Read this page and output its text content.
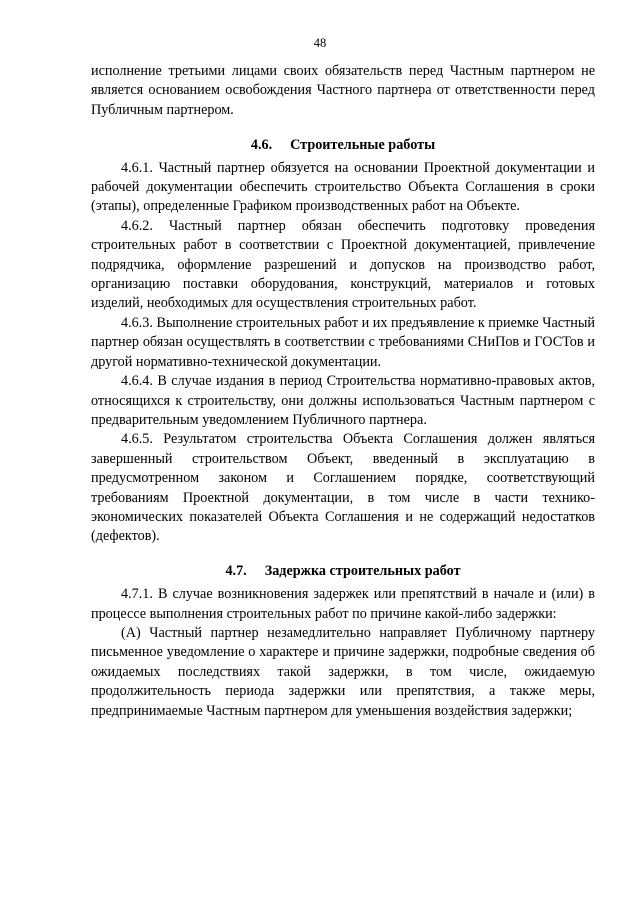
48

исполнение третьими лицами своих обязательств перед Частным партнером не является основанием освобождения Частного партнера от ответственности перед Публичным партнером.

4.6. Строительные работы

4.6.1. Частный партнер обязуется на основании Проектной документации и рабочей документации обеспечить строительство Объекта Соглашения в сроки (этапы), определенные Графиком производственных работ на Объекте.

4.6.2. Частный партнер обязан обеспечить подготовку проведения строительных работ в соответствии с Проектной документацией, привлечение подрядчика, оформление разрешений и допусков на производство работ, организацию поставки оборудования, конструкций, материалов и готовых изделий, необходимых для осуществления строительных работ.

4.6.3. Выполнение строительных работ и их предъявление к приемке Частный партнер обязан осуществлять в соответствии с требованиями СНиПов и ГОСТов и другой нормативно-технической документации.

4.6.4. В случае издания в период Строительства нормативно-правовых актов, относящихся к строительству, они должны использоваться Частным партнером с предварительным уведомлением Публичного партнера.

4.6.5. Результатом строительства Объекта Соглашения должен являться завершенный строительством Объект, введенный в эксплуатацию в предусмотренном законом и Соглашением порядке, соответствующий требованиям Проектной документации, в том числе в части технико-экономических показателей Объекта Соглашения и не содержащий недостатков (дефектов).

4.7. Задержка строительных работ

4.7.1. В случае возникновения задержек или препятствий в начале и (или) в процессе выполнения строительных работ по причине какой-либо задержки:

(А) Частный партнер незамедлительно направляет Публичному партнеру письменное уведомление о характере и причине задержки, подробные сведения об ожидаемых последствиях такой задержки, в том числе, ожидаемую продолжительность периода задержки или препятствия, а также меры, предпринимаемые Частным партнером для уменьшения воздействия задержки;
